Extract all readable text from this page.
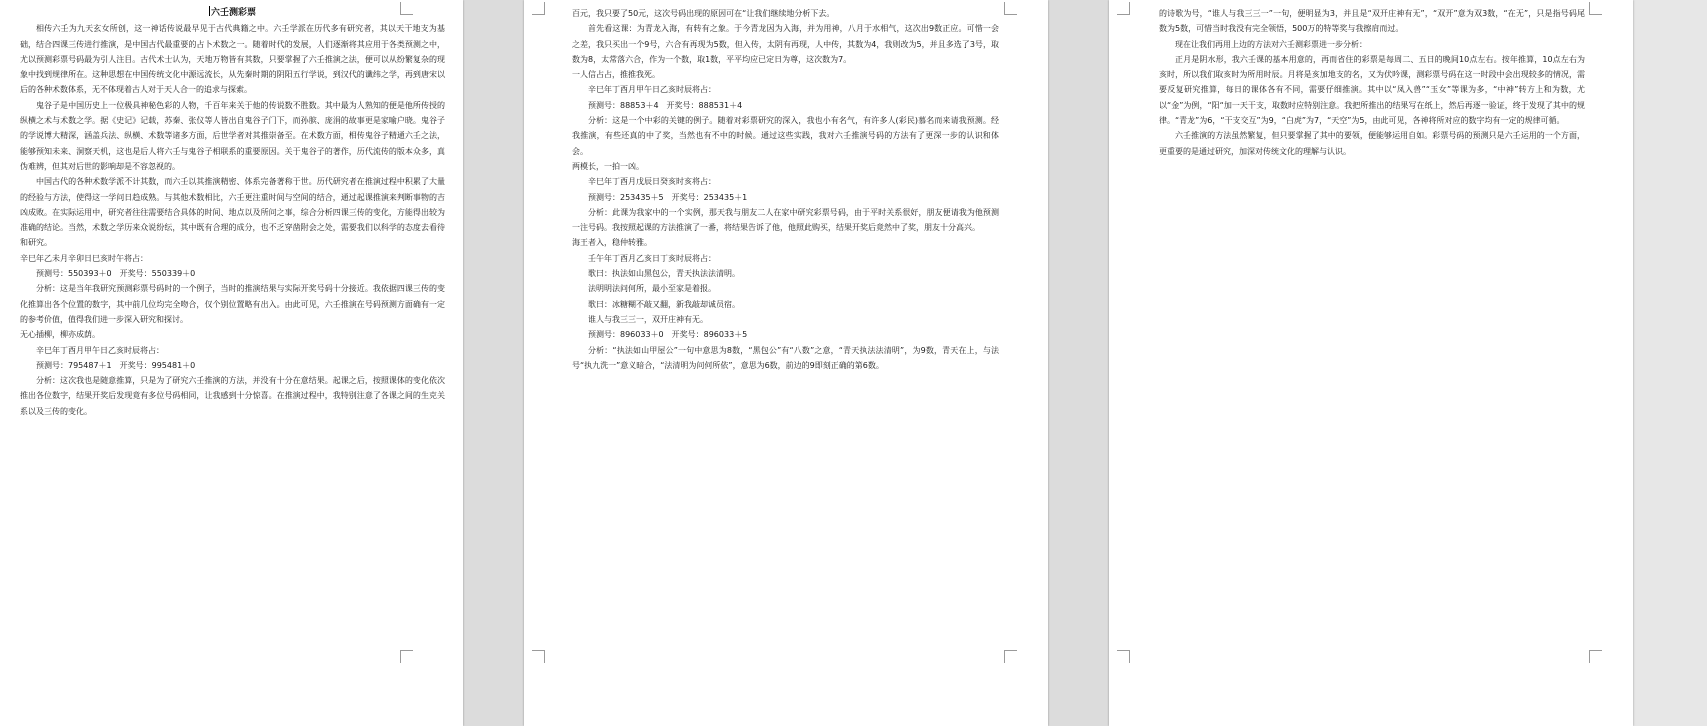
六壬测彩票

相传六壬为九天玄女所创，这一神话传说最早见于古代典籍之中。六壬学派在历代多有研究者，其以天干地支为基础，结合四课三传进行推演，是中国古代最重要的占卜术数之一。随着时代的发展，人们逐渐将其应用于各类预测之中，尤以预测彩票号码最为引人注目。古代术士认为，天地万物皆有其数，只要掌握了六壬推演之法，便可以从纷繁复杂的现象中找到规律所在。这种思想在中国传统文化中源远流长，从先秦时期的阴阳五行学说，到汉代的谶纬之学，再到唐宋以后的各种术数体系，无不体现着古人对于天人合一的追求与探索。

鬼谷子是中国历史上一位极具神秘色彩的人物，千百年来关于他的传说数不胜数。其中最为人熟知的便是他所传授的纵横之术与术数之学。据《史记》记载，苏秦、张仪等人皆出自鬼谷子门下，而孙膑、庞涓的故事更是家喻户晓。鬼谷子的学说博大精深，涵盖兵法、纵横、术数等诸多方面，后世学者对其推崇备至。在术数方面，相传鬼谷子精通六壬之法，能够预知未来、洞察天机，这也是后人将六壬与鬼谷子相联系的重要原因。关于鬼谷子的著作，历代流传的版本众多，真伪难辨，但其对后世的影响却是不容忽视的。

中国古代的各种术数学派不计其数，而六壬以其推演精密、体系完备著称于世。历代研究者在推演过程中积累了大量的经验与方法，使得这一学问日趋成熟。与其他术数相比，六壬更注重时间与空间的结合，通过起课推演来判断事物的吉凶成败。在实际运用中，研究者往往需要结合具体的时间、地点以及所问之事，综合分析四课三传的变化，方能得出较为准确的结论。当然，术数之学历来众说纷纭，其中既有合理的成分，也不乏穿凿附会之处，需要我们以科学的态度去看待和研究。

辛巳年乙未月辛卯日巳亥时午将占：

预测号：550393＋0　开奖号：550339＋0

分析：这是当年我研究预测彩票号码时的一个例子，当时的推演结果与实际开奖号码十分接近。我依据四课三传的变化推算出各个位置的数字，其中前几位均完全吻合，仅个别位置略有出入。由此可见，六壬推演在号码预测方面确有一定的参考价值，值得我们进一步深入研究和探讨。

无心插柳，柳亦成荫。

辛巳年丁酉月甲午日乙亥时辰将占：

预测号：795487＋1　开奖号：995481＋0

分析：这次我也是随意推算，只是为了研究六壬推演的方法，并没有十分在意结果。起课之后，按照课体的变化依次推出各位数字，结果开奖后发现竟有多位号码相同，让我感到十分惊喜。在推演过程中，我特别注意了各课之间的生克关系以及三传的变化。

百元，我只要了50元，这次号码出现的原因可在“让我们继续地分析下去。

首先看这课：为青龙入海，有转有之象。于今青龙因为入海，并为用神，八月于水相气，这次出9数正应。可惜一会之差，我只买出一个9号，六合有再现为5数，但入传，太阴有再现，人中传，其数为4，我则改为5，并且多选了3号，取数为8，太常落六合，作为一个数，取1数，平平均应已定日为尊，这次数为7。

一人信占占，推推我死。

辛巳年丁酉月甲午日乙亥时辰将占：

预测号：88853＋4　开奖号：888531＋4

分析：这是一个中彩的关键的例子。随着对彩票研究的深入，我也小有名气，有许多人(彩民)慕名而来请我预测。经我推演，有些还真的中了奖，当然也有不中的时候。通过这些实践，我对六壬推演号码的方法有了更深一步的认识和体会。

两模长，一拍一凶。

辛巳年丁酉月戊辰日癸亥时亥将占：

预测号：253435＋5　开奖号：253435＋1

分析：此课为我家中的一个实例，那天我与朋友二人在家中研究彩票号码，由于平时关系很好，朋友便请我为他预测一注号码。我按照起课的方法推演了一番，将结果告诉了他，他照此购买，结果开奖后竟然中了奖，朋友十分高兴。

海王者入，稳仲转雅。

壬午年丁酉月乙亥日丁亥时辰将占：

歌曰：执法如山黑包公，青天执法法清明。

法明明法问何所，最小至家是着报。

歌曰：冰糖糊不敲又翻，新我敲却诚员宿。

谁人与我三三一，双开庄神有无。

预测号：896033＋0　开奖号：896033＋5

分析：“执法如山甲屋公”一句中意思为8数，“黑包公”有“八数”之意，“青天执法法清明”，为9数，青天在上，与法号“执九洗一”意义暗合，“法清明为问何所依”，意思为6数，前边的9即刻正确的第6数。

的诗歌为号，“谁人与我三三一”一句，便明显为3，并且是“双开庄神有无”，“双开”意为双3数，“在无”，只是指号码尾数为5数，可惜当时我没有完全领悟，500万的特等奖与我擦肩而过。

现在让我们再用上边的方法对六壬测彩票进一步分析：

正月是阴水形，我六壬课的基本用意的，再而省住的彩票是每周二、五日的晚间10点左右。按年推算，10点左右为亥时，所以我们取亥时为所用时辰。月将是亥加地支的名，又为伏吟课，测彩票号码在这一时段中会出现较多的情况，需要反复研究推算，每日的课体各有不同，需要仔细推演。其中以“凤入兽”“玉女”等课为多，“中神”转方上和为数，尤以“金”为例，“阳“加一天干支，取数时应特别注意。我把所推出的结果写在纸上，然后再逐一验证，终于发现了其中的规律。“青龙”为6，“干支交互”为9，“白虎”为7，“天空”为5，由此可见，各神将所对应的数字均有一定的规律可循。

六壬推演的方法虽然繁复，但只要掌握了其中的要领，便能够运用自如。彩票号码的预测只是六壬运用的一个方面，更重要的是通过研究，加深对传统文化的理解与认识。
